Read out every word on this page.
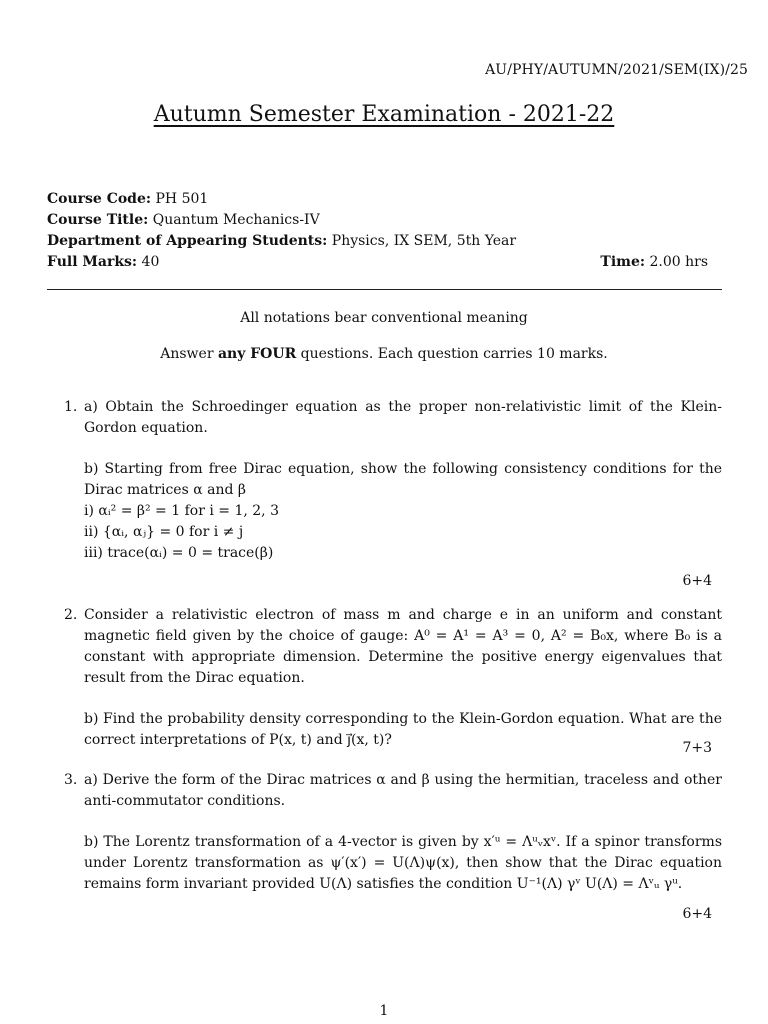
AU/PHY/AUTUMN/2021/SEM(IX)/25
Autumn Semester Examination - 2021-22
Course Code: PH 501
Course Title: Quantum Mechanics-IV
Department of Appearing Students: Physics, IX SEM, 5th Year
Full Marks: 40	Time: 2.00 hrs
All notations bear conventional meaning
Answer any FOUR questions. Each question carries 10 marks.
1. a) Obtain the Schroedinger equation as the proper non-relativistic limit of the Klein-Gordon equation.

b) Starting from free Dirac equation, show the following consistency conditions for the Dirac matrices α and β

i) αᵢ² = β² = 1 for i = 1, 2, 3

ii) {αᵢ, αⱼ} = 0 for i ≠ j

iii) trace(αᵢ) = 0 = trace(β)

6+4
2. Consider a relativistic electron of mass m and charge e in an uniform and constant magnetic field given by the choice of gauge: A⁰ = A¹ = A³ = 0, A² = B₀x, where B₀ is a constant with appropriate dimension. Determine the positive energy eigenvalues that result from the Dirac equation.

b) Find the probability density corresponding to the Klein-Gordon equation. What are the correct interpretations of P(x, t) and j⃗(x, t)?	7+3
3. a) Derive the form of the Dirac matrices α and β using the hermitian, traceless and other anti-commutator conditions.

b) The Lorentz transformation of a 4-vector is given by x′ᵘ = Λᵘᵥxᵛ. If a spinor transforms under Lorentz transformation as ψ′(x′) = U(Λ)ψ(x), then show that the Dirac equation remains form invariant provided U(Λ) satisfies the condition U⁻¹(Λ) γᵛ U(Λ) = Λᵛᵤ γᵘ.

6+4
1
